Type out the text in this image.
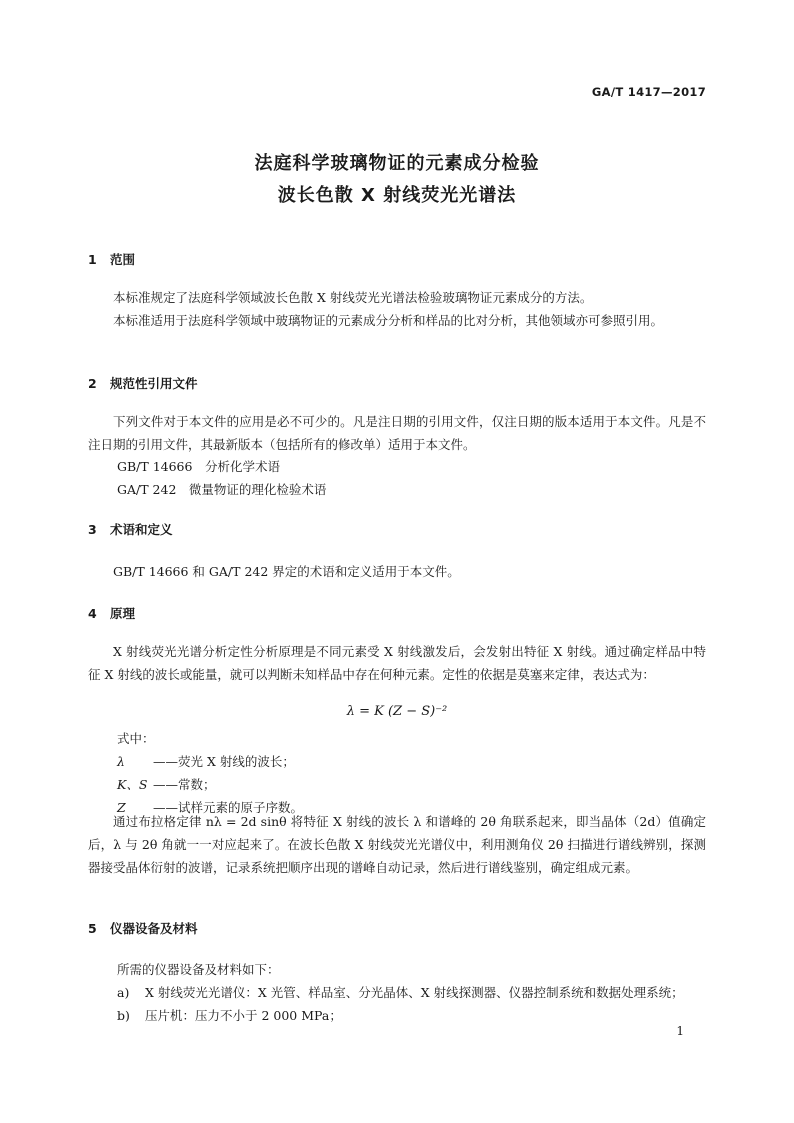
GA/T 1417—2017
法庭科学玻璃物证的元素成分检验
波长色散 X 射线荧光光谱法
1 范围
本标准规定了法庭科学领域波长色散 X 射线荧光光谱法检验玻璃物证元素成分的方法。
本标准适用于法庭科学领域中玻璃物证的元素成分分析和样品的比对分析，其他领域亦可参照引用。
2 规范性引用文件
下列文件对于本文件的应用是必不可少的。凡是注日期的引用文件，仅注日期的版本适用于本文件。凡是不注日期的引用文件，其最新版本（包括所有的修改单）适用于本文件。
GB/T 14666　分析化学术语
GA/T 242　微量物证的理化检验术语
3 术语和定义
GB/T 14666 和 GA/T 242 界定的术语和定义适用于本文件。
4 原理
X 射线荧光光谱分析定性分析原理是不同元素受 X 射线激发后，会发射出特征 X 射线。通过确定样品中特征 X 射线的波长或能量，就可以判断未知样品中存在何种元素。定性的依据是莫塞来定律，表达式为：
λ = K (Z − S)⁻²
式中：
λ ——荧光 X 射线的波长；
K、S ——常数；
Z ——试样元素的原子序数。
通过布拉格定律 nλ = 2d sinθ 将特征 X 射线的波长 λ 和谱峰的 2θ 角联系起来，即当晶体（2d）值确定后，λ 与 2θ 角就一一对应起来了。在波长色散 X 射线荧光光谱仪中，利用测角仪 2θ 扫描进行谱线辨别，探测器接受晶体衍射的波谱，记录系统把顺序出现的谱峰自动记录，然后进行谱线鉴别，确定组成元素。
5 仪器设备及材料
所需的仪器设备及材料如下：
a) X 射线荧光光谱仪：X 光管、样品室、分光晶体、X 射线探测器、仪器控制系统和数据处理系统；
b) 压片机：压力不小于 2 000 MPa；
1
